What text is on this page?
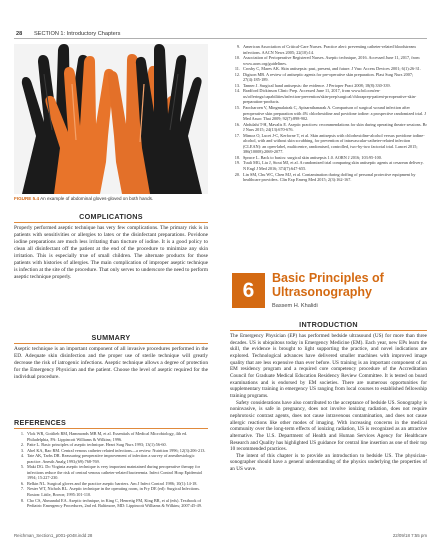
28 SECTION 1: Introductory Chapters
FIGURE 5.4 An example of abdominal gloves-gloved on both hands.
COMPLICATIONS

Properly performed aseptic technique has very few complications. The primary risk is in patients with sensitivities or allergies to latex or the disinfectant preparations. Povidone iodine preparations are much less irritating than tincture of iodine. It is a good policy to clean all disinfectant off the patient at the end of the procedure to minimize any skin irritation. This is especially true of small children. The alternate products for those patients with histories of allergies. The main complication of improper aseptic technique is infection at the site of the procedure. That only serves to underscore the need to perform aseptic technique properly.

SUMMARY

Aseptic technique is an important component of all invasive procedures performed in the ED. Adequate skin disinfection and the proper use of sterile technique will greatly decrease the risk of iatrogenic infections. Aseptic technique allows a degree of protection for the Emergency Physician and the patient. Choose the level of aseptic required for the individual procedure.

REFERENCES
1. Vlok WR, Gottlieb RM, Hammonds MB M, et al. Essentials of Medical Microbiology, 4th ed. Philadelphia, PA: Lippincott Williams & Wilkins; 1996.
2. Patte L. Basic principles of aseptic technique. Heart Surg Nurs 1993; 13(1):56-60.
3. Abel KA, Rao RM. Central venous catheter related infections—a review. Nutrition 1996; 12(3):206-213.
4. Tate AK, Tarbs DR. Reassuring preoperative improvement of infection a survey of anesthesiologic practice. Anesth Analg 1993;(69):768-769.
5. Maki DG. Do Virginia aseptic technique is very important maintained during peroperative therapy for infections reduce the risk of central venous catheter-related bacteremia. Infect Control Hosp Epidemiol 1994; 15:227-230.
6. Belkin NL. Surgical gloves and the practice aseptic barriers. Am J Infect Control 1986; 10(1):14-18.
7. Nester WT, Nichols RL. Aseptic technique in the operating room, in Fry DE (ed): Surgical Infections. Boston: Little, Brown; 1995:101-110.
8. Cho CS, Ahmandal EA. Aseptic technique, in King C, Henretig FM, King BR, et al (eds). Textbook of Pediatric Emergency Procedures, 2nd ed. Baltimore, MD: Lippincott Williams & Wilkins; 2007:45-49.
9. American Association of Critical-Care Nurses. Practice alert: preventing catheter-related bloodstream infections. AACN News 2005; 22(10):14.
10. Association of Perioperative Registered Nurses. Aseptic technique, 2016. Accessed June 11, 2017, from www.aorn.org/guidelines.
11. Crosby C, Mares AK. Skin antisepsis: past, present, and future. J Vasc Access Devices 2001; 6(1):26-31.
12. Digison MB. A review of antiseptic agents for pre-operative skin preparation. Plast Surg Nurs 2007; 27(4):185-189.
13. Tanner J. Surgical hand antisepsis: the evidence. J Perioper Pract 2008; 18(8):330-339.
14. Bradford Dickinson Clinic Prep. Accessed June 11, 2017, from www.bd.com/en-us/offerings/capabilities/infection-prevention/skin-prep/surgical/chloraprep-patient-preoperative-skin-preparation-products.
15. Paocharoen V, Mingmalairak C, Apisarnthanarak A. Comparison of surgical wound infection after preoperative skin preparation with 4% chlorhexidine and povidone iodine: a prospective randomized trial. J Med Assoc Thai 2009; 92(7):898-902.
16. Abdulahi T-H, Mavalis E. Aseptic practices: recommendations for skin during operating theatre sessions. Br J Nurs 2015; 24(13):670-676.
17. Mimoz O, Lucet J-C, Kerforne T, et al. Skin antisepsis with chlorhexidine-alcohol versus povidone iodine-alcohol, with and without skin scrubbing, for prevention of intravascular-catheter-related infection (CLEAN): an open-label, multicentre, randomised, controlled, two-by-two factorial trial. Lancet 2015; 386(10008):2069-2077.
18. Spruce L. Back to basics: surgical skin antisepsis 1.0. AORN J 2016; 103:95-100.
19. Tuuli MG, Liu J, Stout MJ, et al. A randomized trial comparing skin antiseptic agents at cesarean delivery. N Engl J Med 2016; 374(7):647-655.
20. Lin SM, Chu WC, Chen MJ, et al. Contamination during doffing of personal protective equipment by healthcare providers. Clin Exp Emerg Med 2015; 2(3):162-167.
6
Basic Principles of
Ultrasonography
Bassem H. Khalidi
INTRODUCTION

The Emergency Physician (EP) has performed bedside ultrasound (US) for more than three decades. US is ubiquitous today in Emergency Medicine (EM). Each year, new EPs learn the skill, the evidence is brought to light supporting the practice, and novel indications are explored. Technological advances have delivered smaller machines with improved image quality that are less expensive than ever before. US training is an important component of an EM residency program and a required core competency procedure of the Accreditation Council for Graduate Medical Education Residency Review Committee. It is tested on board examinations and is endorsed by EM societies. There are numerous opportunities for supplementary training in emergency US ranging from local courses to established fellowship training programs.

Safety considerations have also contributed to the acceptance of bedside US. Sonography is noninvasive, is safe in pregnancy, does not involve ionizing radiation, does not require nephrotoxic contrast agents, does not cause intravenous contamination, and does not cause allergic reactions like other modes of imaging. With increasing concerns in the medical community over the long-term effects of ionizing radiation, US is recognized as an attractive alternative. The U.S. Department of Health and Human Services Agency for Healthcare Research and Quality has highlighted US guidance for central line insertion as one of their top 10 recommended practices.

The intent of this chapter is to provide an introduction to bedside US. The physician-sonographer should have a general understanding of the physics underlying the properties of an US wave.

Reichman_Section1_p001-p048.indd 28	22/09/18 7:55 pm
